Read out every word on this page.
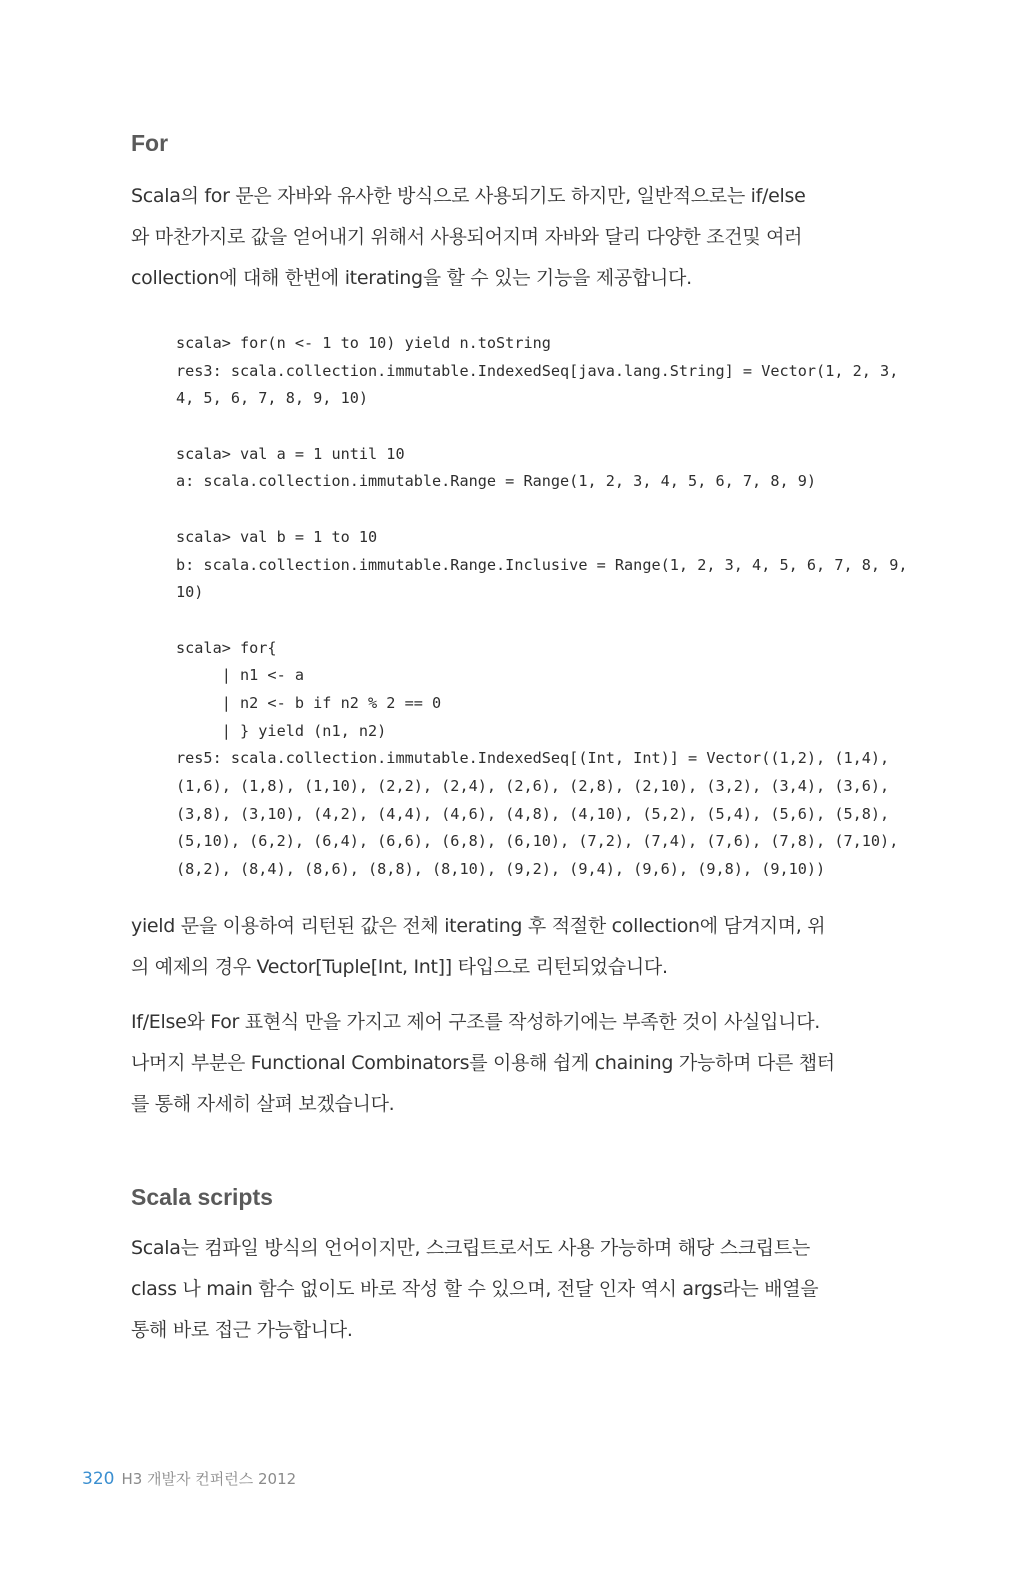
For

Scala의 for 문은 자바와 유사한 방식으로 사용되기도 하지만, 일반적으로는 if/else
와 마찬가지로 값을 얻어내기 위해서 사용되어지며 자바와 달리 다양한 조건및 여러
collection에 대해 한번에 iterating을 할 수 있는 기능을 제공합니다.

scala> for(n <- 1 to 10) yield n.toString
res3: scala.collection.immutable.IndexedSeq[java.lang.String] = Vector(1, 2, 3,
4, 5, 6, 7, 8, 9, 10)
scala> val a = 1 until 10
a: scala.collection.immutable.Range = Range(1, 2, 3, 4, 5, 6, 7, 8, 9)
scala> val b = 1 to 10
b: scala.collection.immutable.Range.Inclusive = Range(1, 2, 3, 4, 5, 6, 7, 8, 9,
10)
scala> for{
| n1 <- a
| n2 <- b if n2 % 2 == 0
| } yield (n1, n2)
res5: scala.collection.immutable.IndexedSeq[(Int, Int)] = Vector((1,2), (1,4),
(1,6), (1,8), (1,10), (2,2), (2,4), (2,6), (2,8), (2,10), (3,2), (3,4), (3,6),
(3,8), (3,10), (4,2), (4,4), (4,6), (4,8), (4,10), (5,2), (5,4), (5,6), (5,8),
(5,10), (6,2), (6,4), (6,6), (6,8), (6,10), (7,2), (7,4), (7,6), (7,8), (7,10),
(8,2), (8,4), (8,6), (8,8), (8,10), (9,2), (9,4), (9,6), (9,8), (9,10))

yield 문을 이용하여 리턴된 값은 전체 iterating 후 적절한 collection에 담겨지며, 위
의 예제의 경우 Vector[Tuple[Int, Int]] 타입으로 리턴되었습니다.

If/Else와 For 표현식 만을 가지고 제어 구조를 작성하기에는 부족한 것이 사실입니다.
나머지 부분은 Functional Combinators를 이용해 쉽게 chaining 가능하며 다른 챕터
를 통해 자세히 살펴 보겠습니다.

Scala scripts

Scala는 컴파일 방식의 언어이지만, 스크립트로서도 사용 가능하며 해당 스크립트는
class 나 main 함수 없이도 바로 작성 할 수 있으며, 전달 인자 역시 args라는 배열을
통해 바로 접근 가능합니다.

320 H3 개발자 컨퍼런스 2012
